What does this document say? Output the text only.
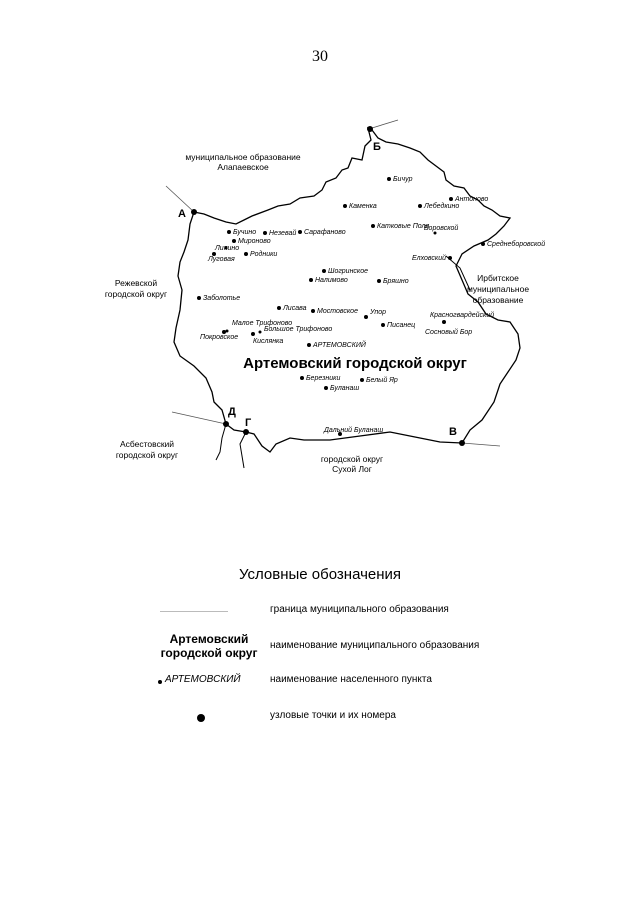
30
А
Б
В
Г
Д
муниципальное образование
Алапаевское
Режевской
городской округ
Ирбитское
муниципальное
образование
Асбестовский
городской округ	городской округ
Сухой Лог
Артемовский городской округ
Бичур
Антоново
Каменка	Лебедкино
Катковые Поля
Боровской
Среднеборовской
Бучино Незевай Сарафаново
Мироново
Липино
Луговая
Родники
Елховский
Шогринское
Налимово	Бряшно
Заболотье
Лисава Мостовское Упор	Красногвардейский
Писанец
Сосновый Бор
Малое Трифоново
Большое Трифоново
Покровское
Кислянка
АРТЕМОВСКИЙ
Березники	Белый Яр
Буланаш
Дальний Буланаш
Условные обозначения
граница муниципального образования
Артемовский
городской округ
наименование муниципального образования
АРТЕМОВСКИЙ	наименование населенного пункта
узловые точки и их номера
